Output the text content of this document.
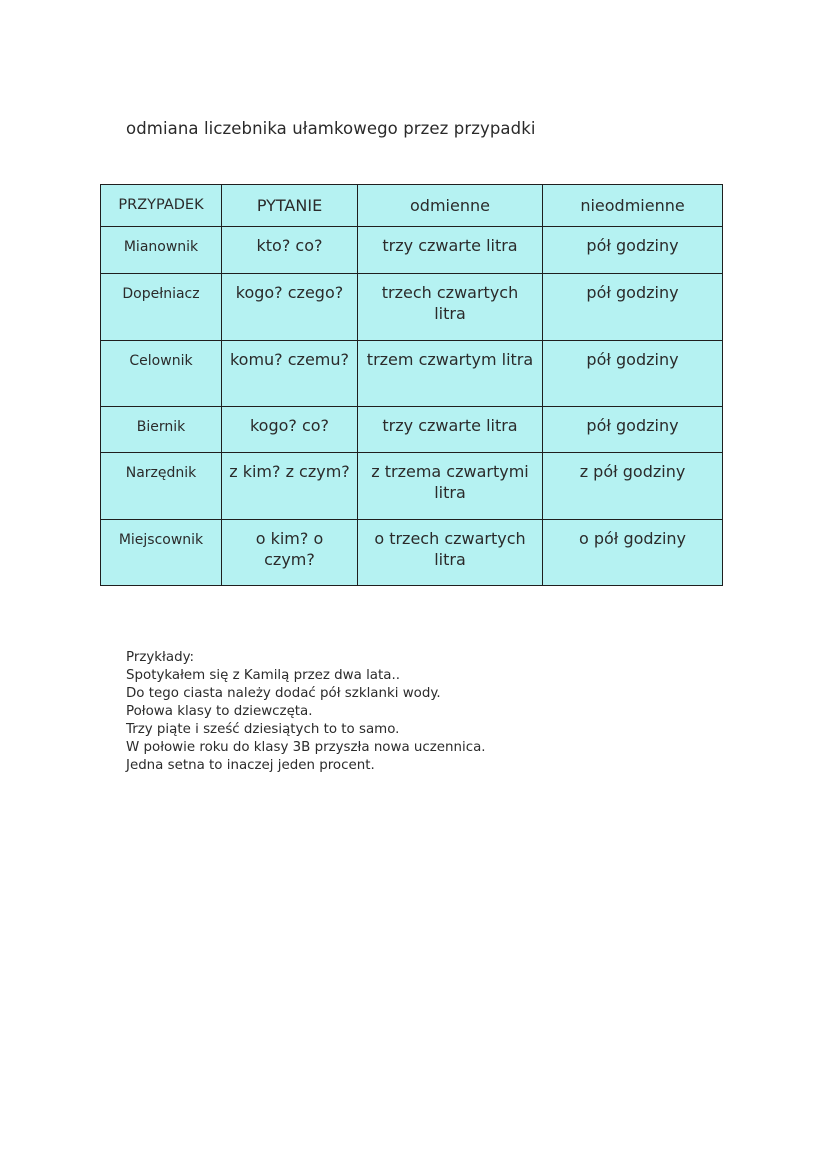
odmiana liczebnika ułamkowego przez przypadki
PRZYPADEK	PYTANIE	odmienne	nieodmienne
Mianownik	kto? co?	trzy czwarte litra	pół godziny
Dopełniacz	kogo? czego?	trzech czwartych litra	pół godziny
Celownik	komu? czemu?	trzem czwartym litra	pół godziny
Biernik	kogo? co?	trzy czwarte litra	pół godziny
Narzędnik	z kim? z czym?	z trzema czwartymi litra	z pół godziny
Miejscownik	o kim? o czym?	o trzech czwartych litra	o pół godziny
Przykłady:
Spotykałem się z Kamilą przez dwa lata..
Do tego ciasta należy dodać pół szklanki wody.
Połowa klasy to dziewczęta.
Trzy piąte i sześć dziesiątych to to samo.
W połowie roku do klasy 3B przyszła nowa uczennica.
Jedna setna to inaczej jeden procent.
